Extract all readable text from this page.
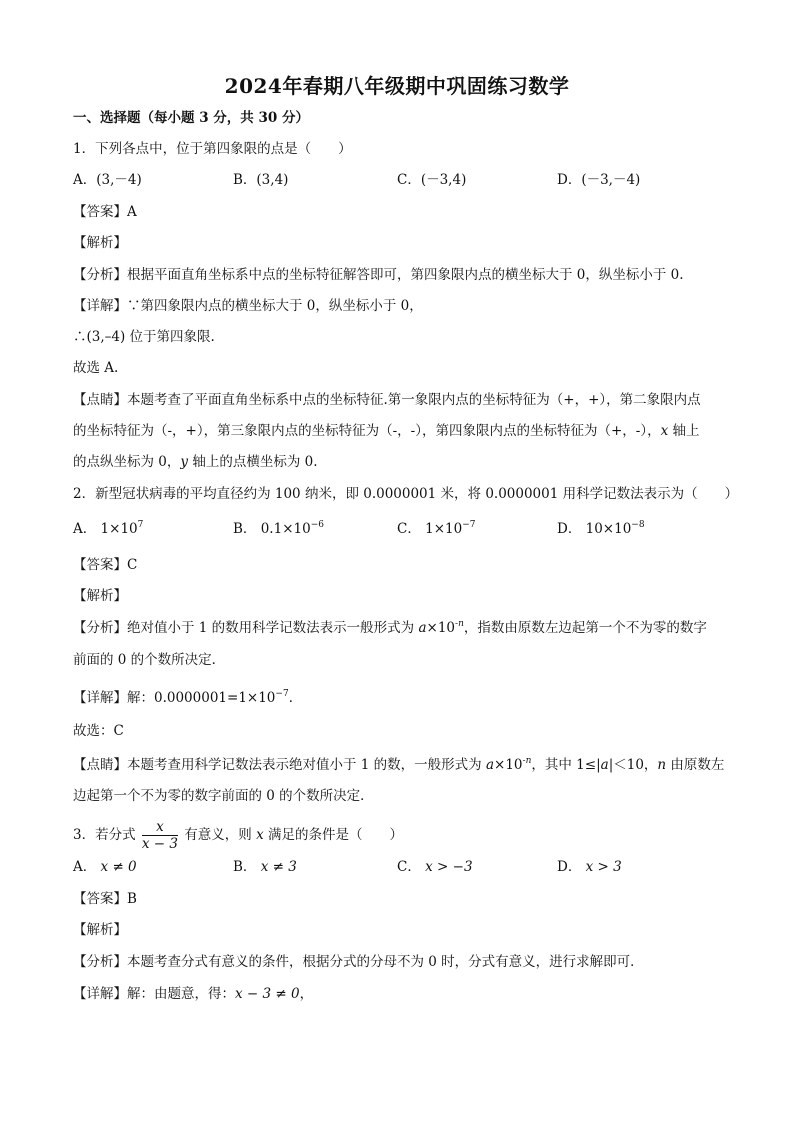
2024年春期八年级期中巩固练习数学
一、选择题（每小题 3 分，共 30 分）
1．下列各点中，位于第四象限的点是（　　）
A．(3,－4)	B．(3,4)	C．(－3,4)	D．(－3,－4)
【答案】A
【解析】
【分析】根据平面直角坐标系中点的坐标特征解答即可，第四象限内点的横坐标大于 0，纵坐标小于 0.
【详解】∵第四象限内点的横坐标大于 0，纵坐标小于 0，
∴(3,–4) 位于第四象限.
故选 A.
【点睛】本题考查了平面直角坐标系中点的坐标特征.第一象限内点的坐标特征为（+，+），第二象限内点
的坐标特征为（-，+），第三象限内点的坐标特征为（-，-），第四象限内点的坐标特征为（+，-），x 轴上
的点纵坐标为 0，y 轴上的点横坐标为 0.
2．新型冠状病毒的平均直径约为 100 纳米，即 0.0000001 米，将 0.0000001 用科学记数法表示为（　　）
A． $1\times 10^7$	B． $0.1\times 10^{-6}$	C． $1\times 10^{-7}$	D． $10\times 10^{-8}$
【答案】C
【解析】
【分析】绝对值小于 1 的数用科学记数法表示一般形式为 $a\times 10^{-n}$，指数由原数左边起第一个不为零的数字
前面的 0 的个数所决定．
【详解】解：$0.0000001=1\times 10^{-7}$．
故选：C
【点睛】本题考查用科学记数法表示绝对值小于 1 的数，一般形式为 $a\times 10^{-n}$，其中 1≤|a|＜10，n 由原数左
边起第一个不为零的数字前面的 0 的个数所决定．
3．若分式 $\frac{x}{x - 3}$ 有意义，则 x 满足的条件是（　　）
A． x ≠ 0	B． x ≠ 3	C． x > −3	D． x > 3
【答案】B
【解析】
【分析】本题考查分式有意义的条件，根据分式的分母不为 0 时，分式有意义，进行求解即可．
【详解】解：由题意，得：x − 3 ≠ 0，
